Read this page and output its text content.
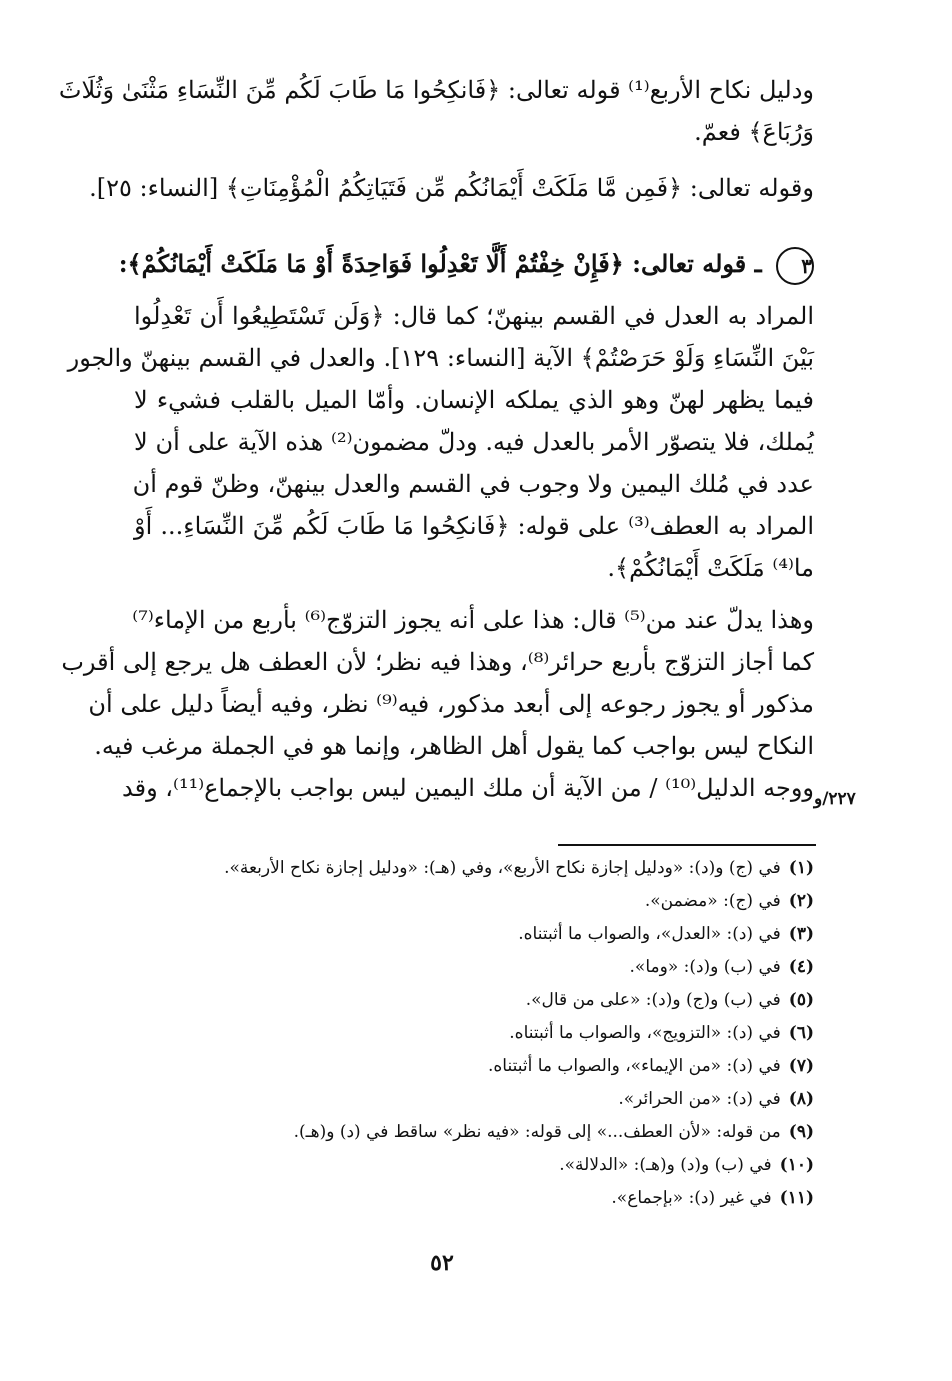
ودليل نكاح الأربع⁽¹⁾ قوله تعالى: ﴿فَانكِحُوا مَا طَابَ لَكُم مِّنَ النِّسَاءِ مَثْنَىٰ وَثُلَاثَ
وَرُبَاعَ﴾ فعمّ.
وقوله تعالى: ﴿فَمِن مَّا مَلَكَتْ أَيْمَانُكُم مِّن فَتَيَاتِكُمُ الْمُؤْمِنَاتِ﴾ [النساء: ٢٥].
٣ ـ قوله تعالى: ﴿فَإِنْ خِفْتُمْ أَلَّا تَعْدِلُوا فَوَاحِدَةً أَوْ مَا مَلَكَتْ أَيْمَانُكُمْ﴾:
المراد به العدل في القسم بينهنّ؛ كما قال: ﴿وَلَن تَسْتَطِيعُوا أَن تَعْدِلُوا
بَيْنَ النِّسَاءِ وَلَوْ حَرَصْتُمْ﴾ الآية [النساء: ١٢٩]. والعدل في القسم بينهنّ والجور
فيما يظهر لهنّ وهو الذي يملكه الإنسان. وأمّا الميل بالقلب فشيء لا
يُملك، فلا يتصوّر الأمر بالعدل فيه. ودلّ مضمون⁽²⁾ هذه الآية على أن لا
عدد في مُلك اليمين ولا وجوب في القسم والعدل بينهنّ، وظنّ قوم أن
المراد به العطف⁽³⁾ على قوله: ﴿فَانكِحُوا مَا طَابَ لَكُم مِّنَ النِّسَاءِ... أَوْ
ما⁽⁴⁾ مَلَكَتْ أَيْمَانُكُمْ﴾.
وهذا يدلّ عند من⁽⁵⁾ قال: هذا على أنه يجوز التزوّج⁽⁶⁾ بأربع من الإماء⁽⁷⁾
كما أجاز التزوّج بأربع حرائر⁽⁸⁾، وهذا فيه نظر؛ لأن العطف هل يرجع إلى أقرب
مذكور أو يجوز رجوعه إلى أبعد مذكور، فيه⁽⁹⁾ نظر، وفيه أيضاً دليل على أن
النكاح ليس بواجب كما يقول أهل الظاهر، وإنما هو في الجملة مرغب فيه.
ووجه الدليل⁽¹⁰⁾ / من الآية أن ملك اليمين ليس بواجب بالإجماع⁽¹¹⁾، وقد ٢٢٧/و
(١)في (ج) و(د): «ودليل إجازة نكاح الأربع»، وفي (هـ): «ودليل إجازة نكاح الأربعة».
(٢)في (ج): «مضمن».
(٣)في (د): «العدل»، والصواب ما أثبتناه.
(٤)في (ب) و(د): «وما».
(٥)في (ب) و(ج) و(د): «على من قال».
(٦)في (د): «التزويج»، والصواب ما أثبتناه.
(٧)في (د): «من الإيماء»، والصواب ما أثبتناه.
(٨)في (د): «من الحرائر».
(٩)من قوله: «لأن العطف...» إلى قوله: «فيه نظر» ساقط في (د) و(هـ).
(١٠)في (ب) و(د) و(هـ): «الدلالة».
(١١)في غير (د): «بإجماع».
٥٢
